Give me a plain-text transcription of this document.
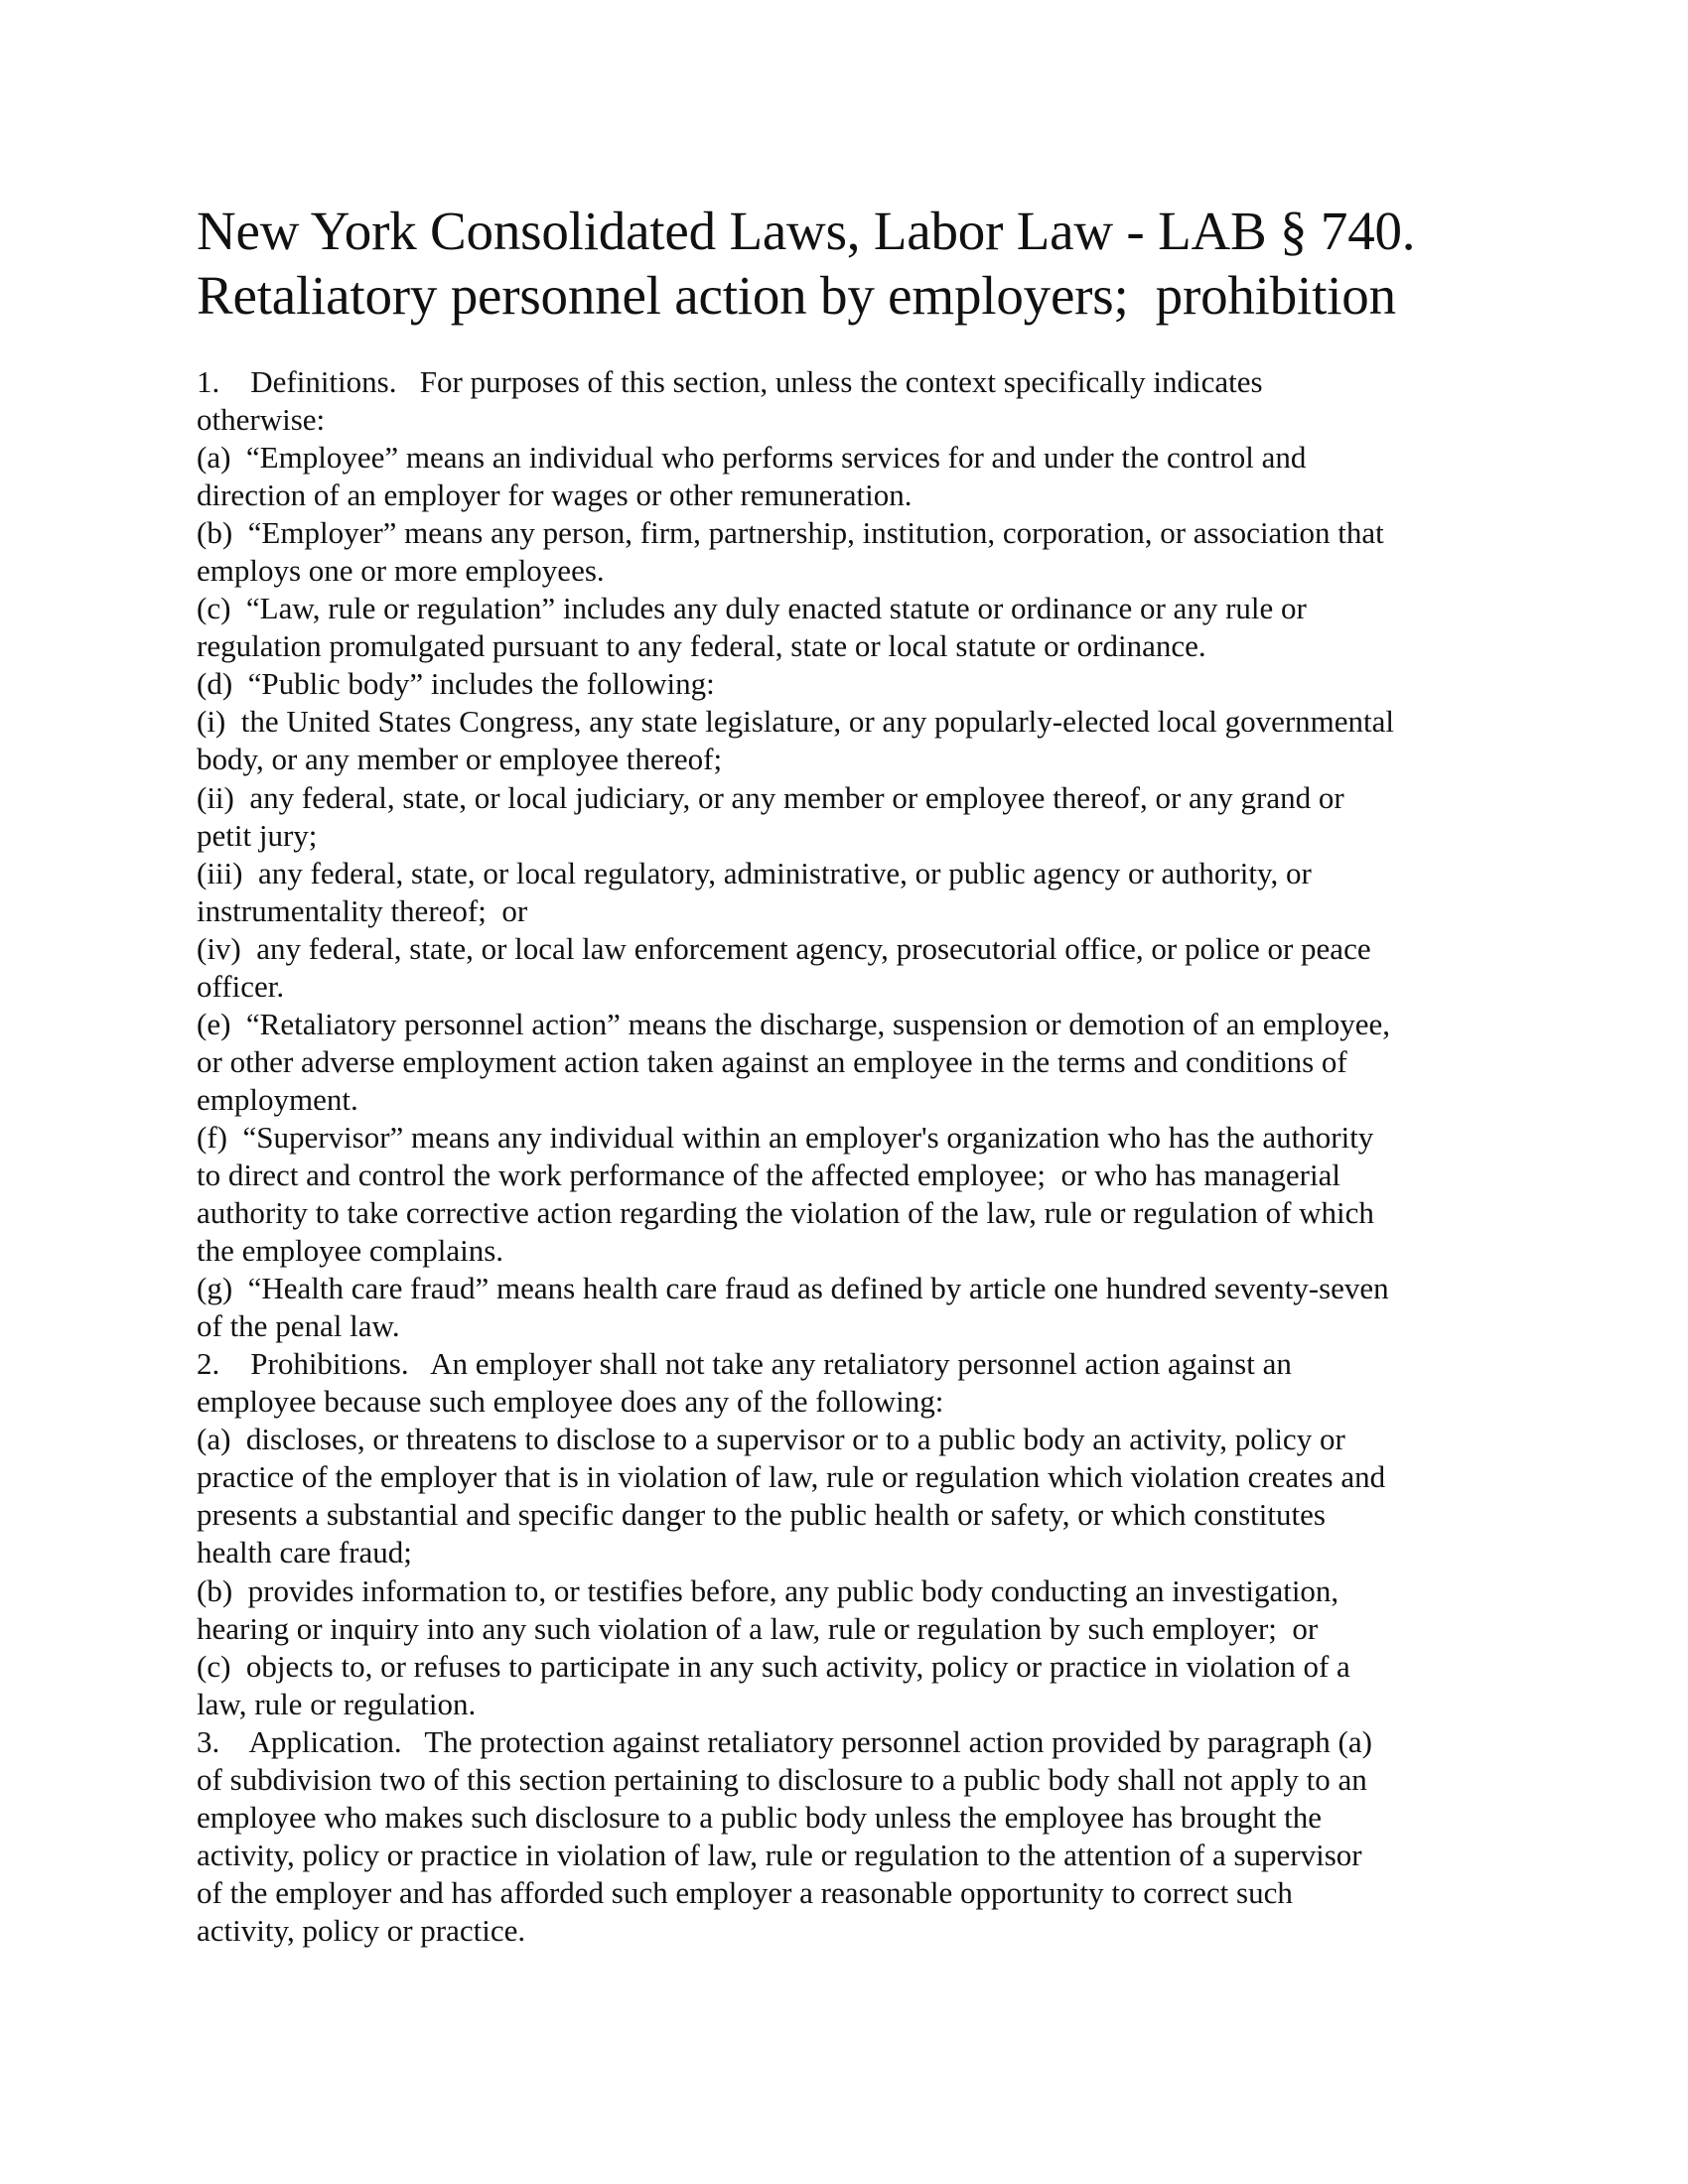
New York Consolidated Laws, Labor Law - LAB § 740.
Retaliatory personnel action by employers;  prohibition
1.    Definitions.   For purposes of this section, unless the context specifically indicates
otherwise:
(a)  “Employee” means an individual who performs services for and under the control and
direction of an employer for wages or other remuneration.
(b)  “Employer” means any person, firm, partnership, institution, corporation, or association that
employs one or more employees.
(c)  “Law, rule or regulation” includes any duly enacted statute or ordinance or any rule or
regulation promulgated pursuant to any federal, state or local statute or ordinance.
(d)  “Public body” includes the following:
(i)  the United States Congress, any state legislature, or any popularly-elected local governmental
body, or any member or employee thereof;
(ii)  any federal, state, or local judiciary, or any member or employee thereof, or any grand or
petit jury;
(iii)  any federal, state, or local regulatory, administrative, or public agency or authority, or
instrumentality thereof;  or
(iv)  any federal, state, or local law enforcement agency, prosecutorial office, or police or peace
officer.
(e)  “Retaliatory personnel action” means the discharge, suspension or demotion of an employee,
or other adverse employment action taken against an employee in the terms and conditions of
employment.
(f)  “Supervisor” means any individual within an employer's organization who has the authority
to direct and control the work performance of the affected employee;  or who has managerial
authority to take corrective action regarding the violation of the law, rule or regulation of which
the employee complains.
(g)  “Health care fraud” means health care fraud as defined by article one hundred seventy-seven
of the penal law.
2.    Prohibitions.   An employer shall not take any retaliatory personnel action against an
employee because such employee does any of the following:
(a)  discloses, or threatens to disclose to a supervisor or to a public body an activity, policy or
practice of the employer that is in violation of law, rule or regulation which violation creates and
presents a substantial and specific danger to the public health or safety, or which constitutes
health care fraud;
(b)  provides information to, or testifies before, any public body conducting an investigation,
hearing or inquiry into any such violation of a law, rule or regulation by such employer;  or
(c)  objects to, or refuses to participate in any such activity, policy or practice in violation of a
law, rule or regulation.
3.    Application.   The protection against retaliatory personnel action provided by paragraph (a)
of subdivision two of this section pertaining to disclosure to a public body shall not apply to an
employee who makes such disclosure to a public body unless the employee has brought the
activity, policy or practice in violation of law, rule or regulation to the attention of a supervisor
of the employer and has afforded such employer a reasonable opportunity to correct such
activity, policy or practice.
